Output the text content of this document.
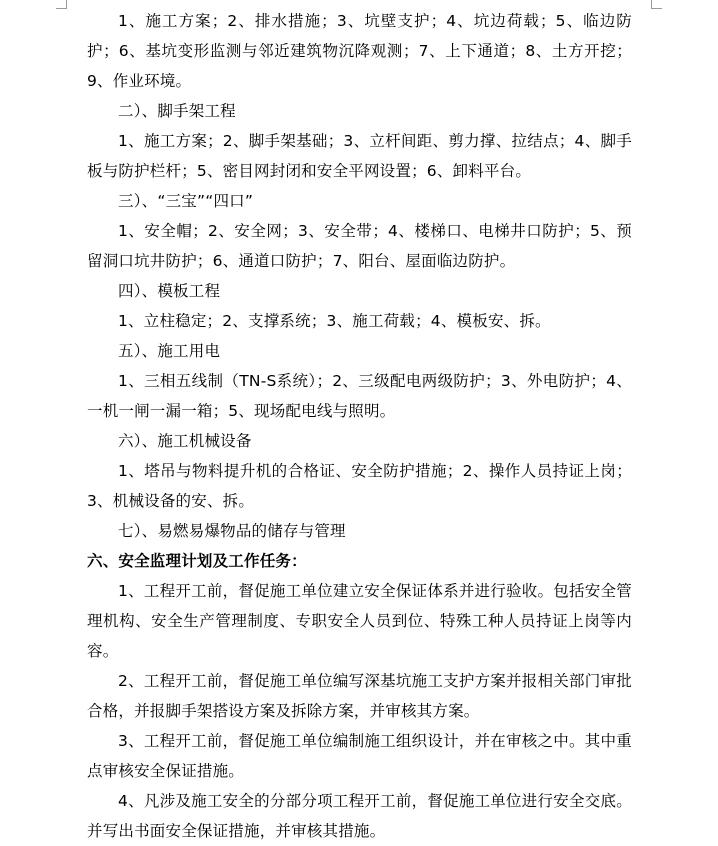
1、施工方案；2、排水措施；3、坑壁支护；4、坑边荷载；5、临边防护；6、基坑变形监测与邻近建筑物沉降观测；7、上下通道；8、土方开挖；9、作业环境。

二）、脚手架工程

1、施工方案；2、脚手架基础；3、立杆间距、剪力撑、拉结点；4、脚手板与防护栏杆；5、密目网封闭和安全平网设置；6、卸料平台。

三）、“三宝”“四口”

1、安全帽；2、安全网；3、安全带；4、楼梯口、电梯井口防护；5、预留洞口坑井防护；6、通道口防护；7、阳台、屋面临边防护。

四）、模板工程

1、立柱稳定；2、支撑系统；3、施工荷载；4、模板安、拆。

五）、施工用电

1、三相五线制（TN-S系统）；2、三级配电两级防护；3、外电防护；4、一机一闸一漏一箱；5、现场配电线与照明。

六）、施工机械设备

1、塔吊与物料提升机的合格证、安全防护措施；2、操作人员持证上岗；3、机械设备的安、拆。

七）、易燃易爆物品的储存与管理

六、安全监理计划及工作任务：

1、工程开工前，督促施工单位建立安全保证体系并进行验收。包括安全管理机构、安全生产管理制度、专职安全人员到位、特殊工种人员持证上岗等内容。

2、工程开工前，督促施工单位编写深基坑施工支护方案并报相关部门审批合格，并报脚手架搭设方案及拆除方案，并审核其方案。

3、工程开工前，督促施工单位编制施工组织设计，并在审核之中。其中重点审核安全保证措施。

4、凡涉及施工安全的分部分项工程开工前，督促施工单位进行安全交底。并写出书面安全保证措施，并审核其措施。
